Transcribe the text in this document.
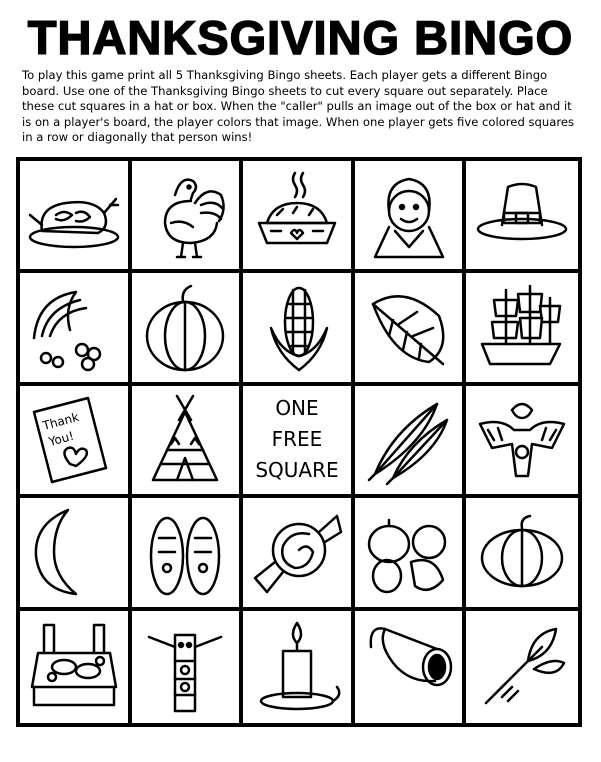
THANKSGIVING BINGO

To play this game print all 5 Thanksgiving Bingo sheets. Each player gets a different Bingo board. Use one of the Thanksgiving Bingo sheets to cut every square out separately. Place these cut squares in a hat or box. When the "caller" pulls an image out of the box or hat and it is on a player's board, the player colors that image. When one player gets five colored squares in a row or diagonally that person wins!

Thank
You!
ONE
FREE
SQUARE
